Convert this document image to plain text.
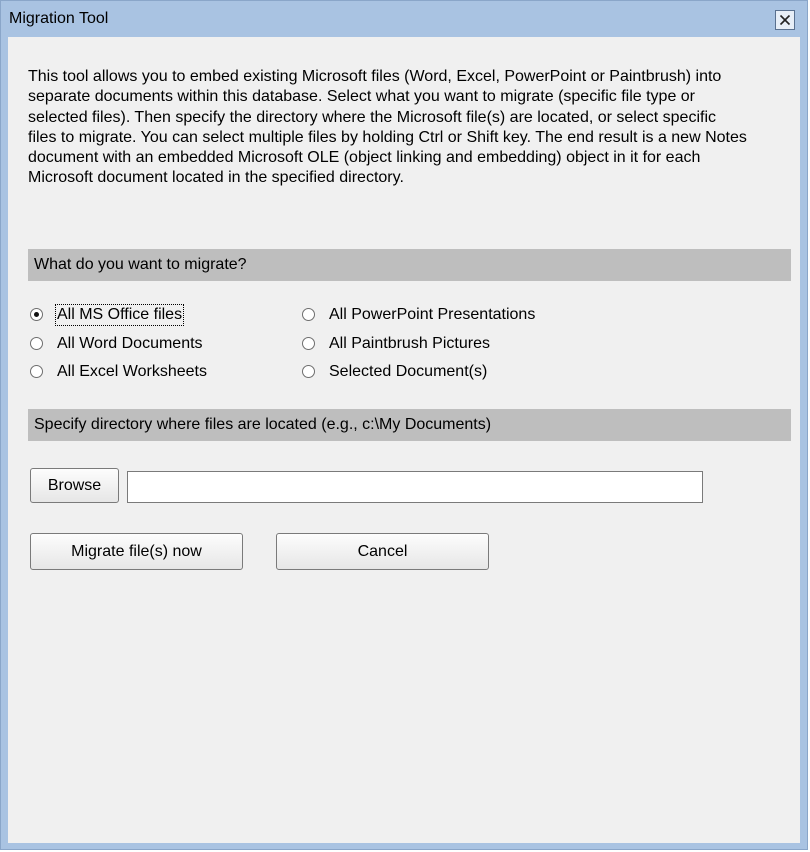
Migration Tool
This tool allows you to embed existing Microsoft files (Word, Excel, PowerPoint or Paintbrush) into separate documents within this database. Select what you want to migrate (specific file type or selected files). Then specify the directory where the Microsoft file(s) are located, or select specific files to migrate. You can select multiple files by holding Ctrl or Shift key. The end result is a new Notes document with an embedded Microsoft OLE (object linking and embedding) object in it for each Microsoft document located in the specified directory.
What do you want to migrate?
All MS Office files
All Word Documents
All Excel Worksheets
All PowerPoint Presentations
All Paintbrush Pictures
Selected Document(s)
Specify directory where files are located (e.g., c:\My Documents)
Browse
Migrate file(s) now	Cancel
